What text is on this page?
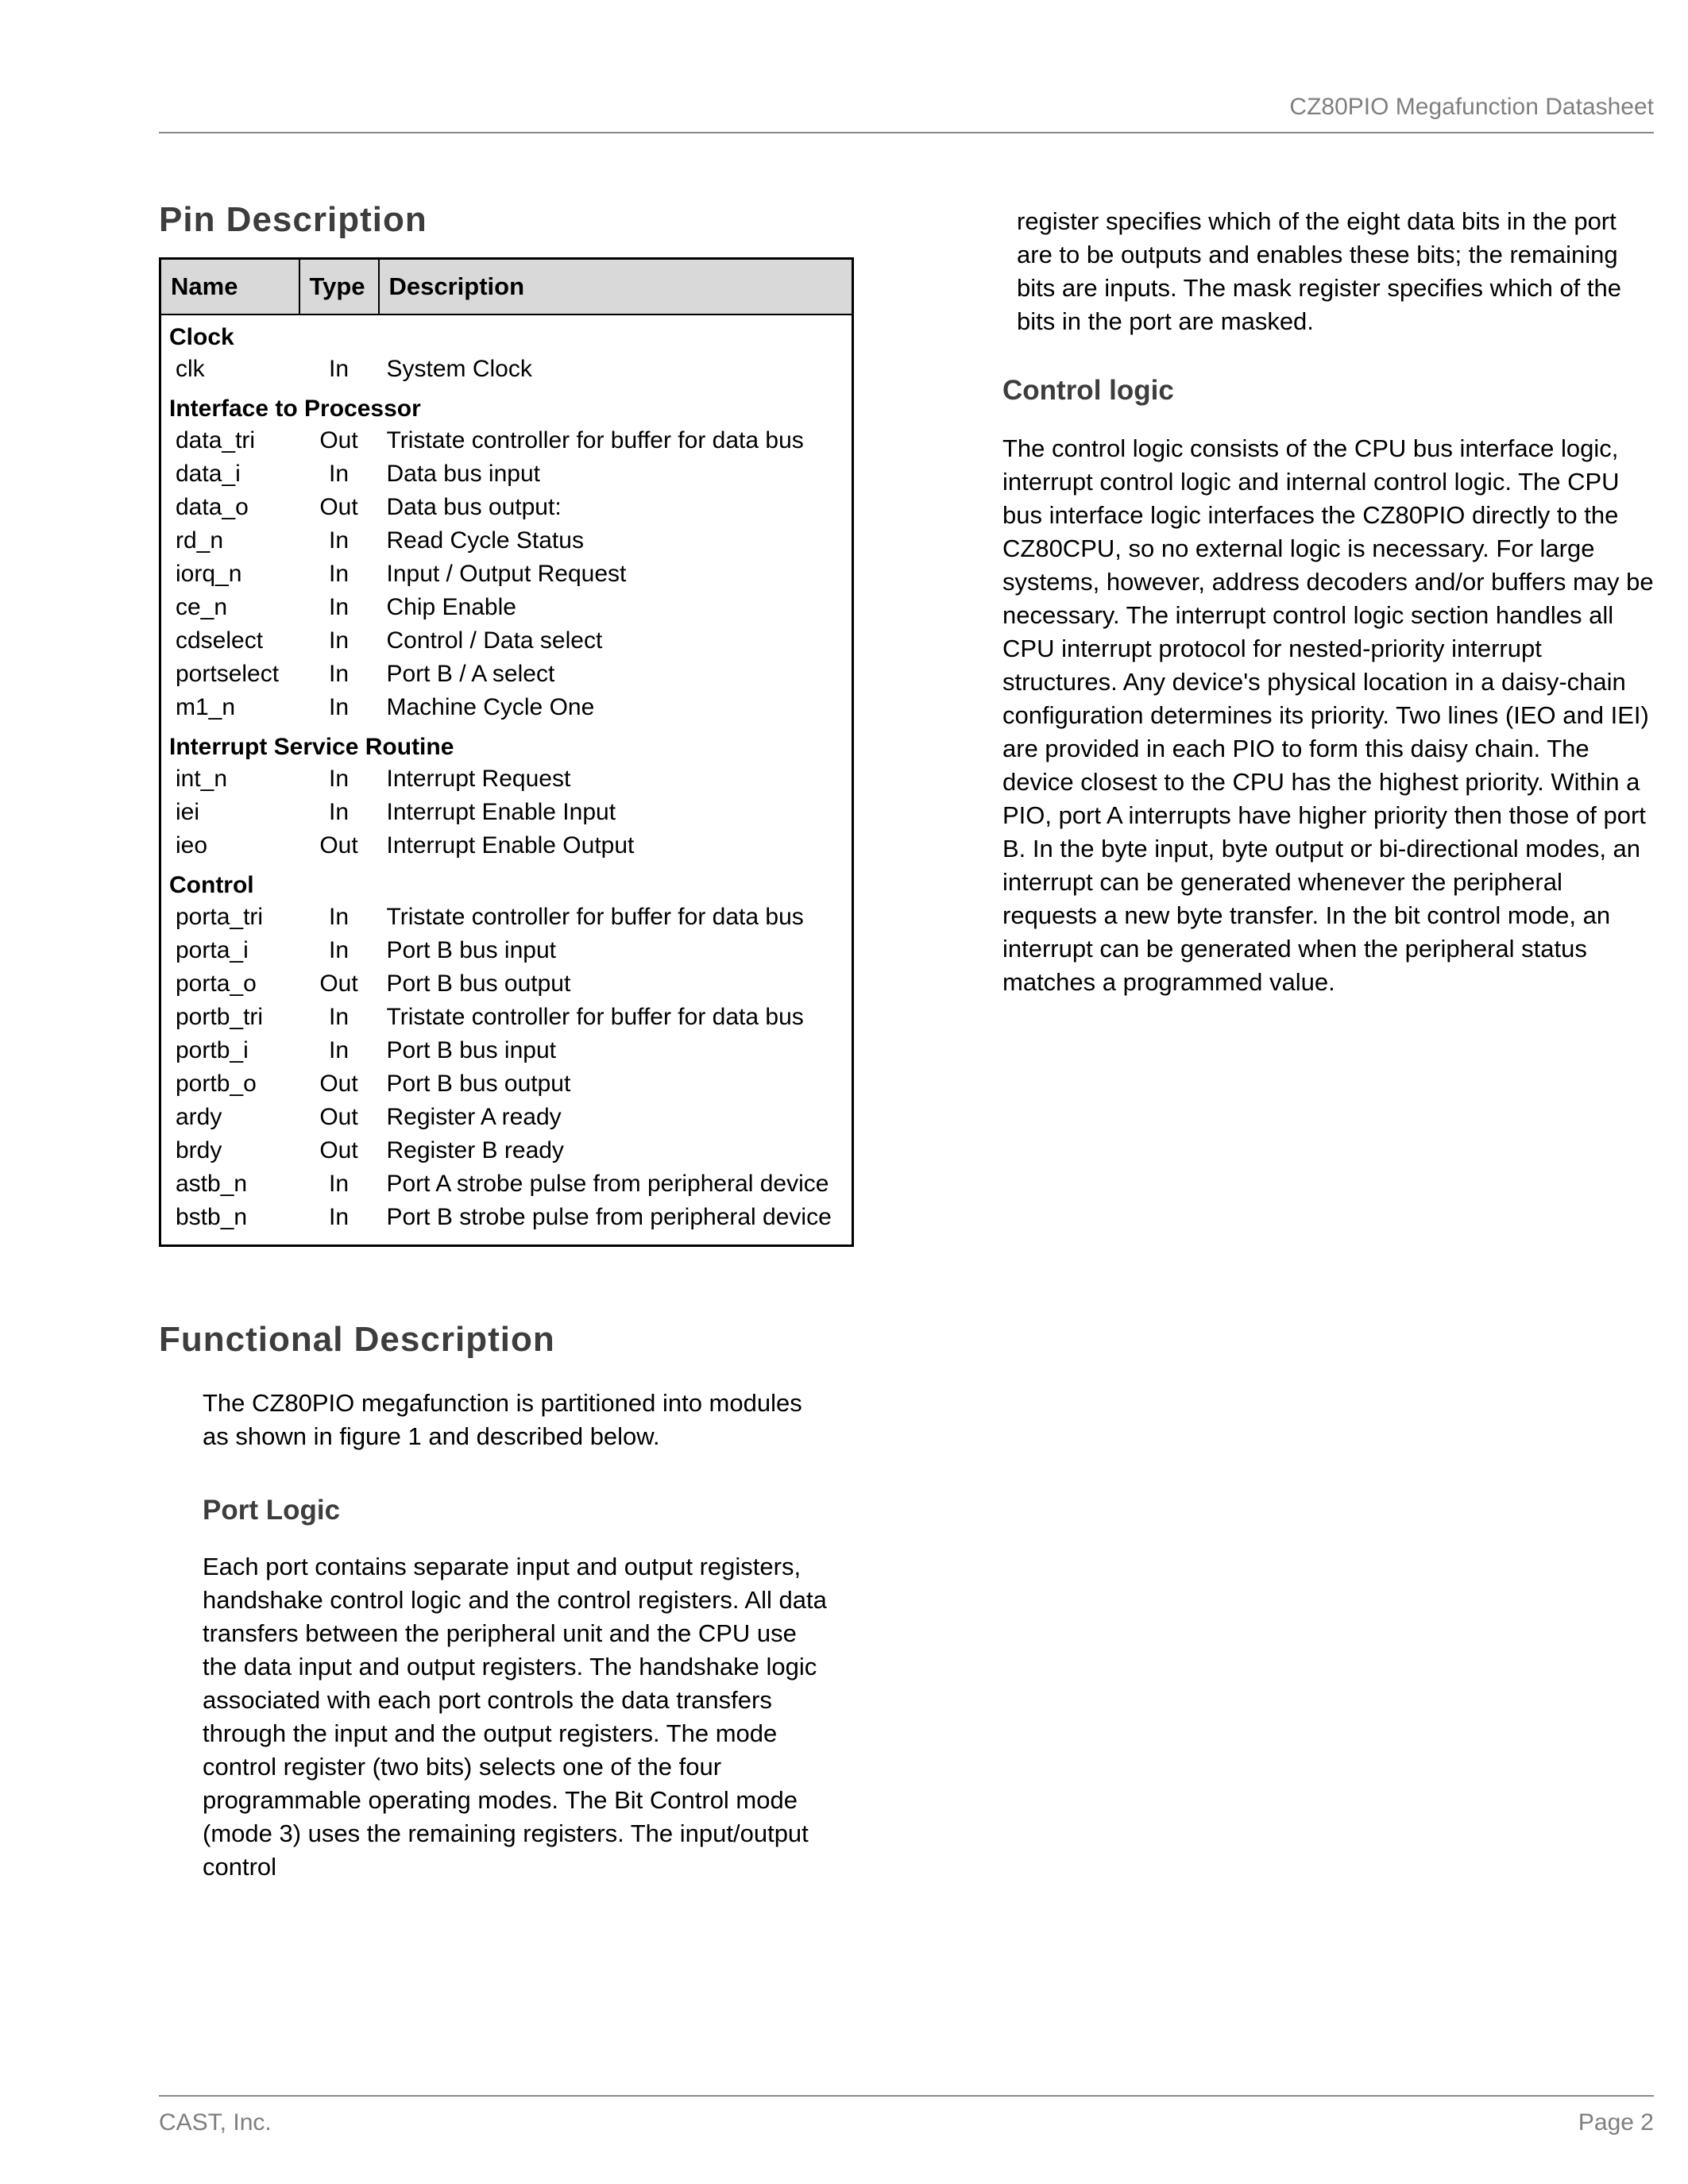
CZ80PIO Megafunction Datasheet
Pin Description
Name	Type	Description
Clock		
clk	In	System Clock
Interface to Processor		
data_tri	Out	Tristate controller for buffer for data bus
data_i	In	Data bus input
data_o	Out	Data bus output:
rd_n	In	Read Cycle Status
iorq_n	In	Input / Output Request
ce_n	In	Chip Enable
cdselect	In	Control / Data select
portselect	In	Port B / A select
m1_n	In	Machine Cycle One
Interrupt Service Routine		
int_n	In	Interrupt Request
iei	In	Interrupt Enable Input
ieo	Out	Interrupt Enable Output
Control		
porta_tri	In	Tristate controller for buffer for data bus
porta_i	In	Port B bus input
porta_o	Out	Port B bus output
portb_tri	In	Tristate controller for buffer for data bus
portb_i	In	Port B bus input
portb_o	Out	Port B bus output
ardy	Out	Register A ready
brdy	Out	Register B ready
astb_n	In	Port A strobe pulse from peripheral device
bstb_n	In	Port B strobe pulse from peripheral device
Functional Description

The CZ80PIO megafunction is partitioned into modules as shown in figure 1 and described below.

Port Logic

Each port contains separate input and output registers, handshake control logic and the control registers. All data transfers between the peripheral unit and the CPU use the data input and output registers. The handshake logic associated with each port controls the data transfers through the input and the output registers. The mode control register (two bits) selects one of the four programmable operating modes. The Bit Control mode (mode 3) uses the remaining registers. The input/output control

register specifies which of the eight data bits in the port are to be outputs and enables these bits; the remaining bits are inputs. The mask register specifies which of the bits in the port are masked.

Control logic

The control logic consists of the CPU bus interface logic, interrupt control logic and internal control logic. The CPU bus interface logic interfaces the CZ80PIO directly to the CZ80CPU, so no external logic is necessary. For large systems, however, address decoders and/or buffers may be necessary. The interrupt control logic section handles all CPU interrupt protocol for nested-priority interrupt structures. Any device's physical location in a daisy-chain configuration determines its priority. Two lines (IEO and IEI) are provided in each PIO to form this daisy chain. The device closest to the CPU has the highest priority. Within a PIO, port A interrupts have higher priority then those of port B. In the byte input, byte output or bi-directional modes, an interrupt can be generated whenever the peripheral requests a new byte transfer. In the bit control mode, an interrupt can be generated when the peripheral status matches a programmed value.

CAST, Inc.	Page 2
